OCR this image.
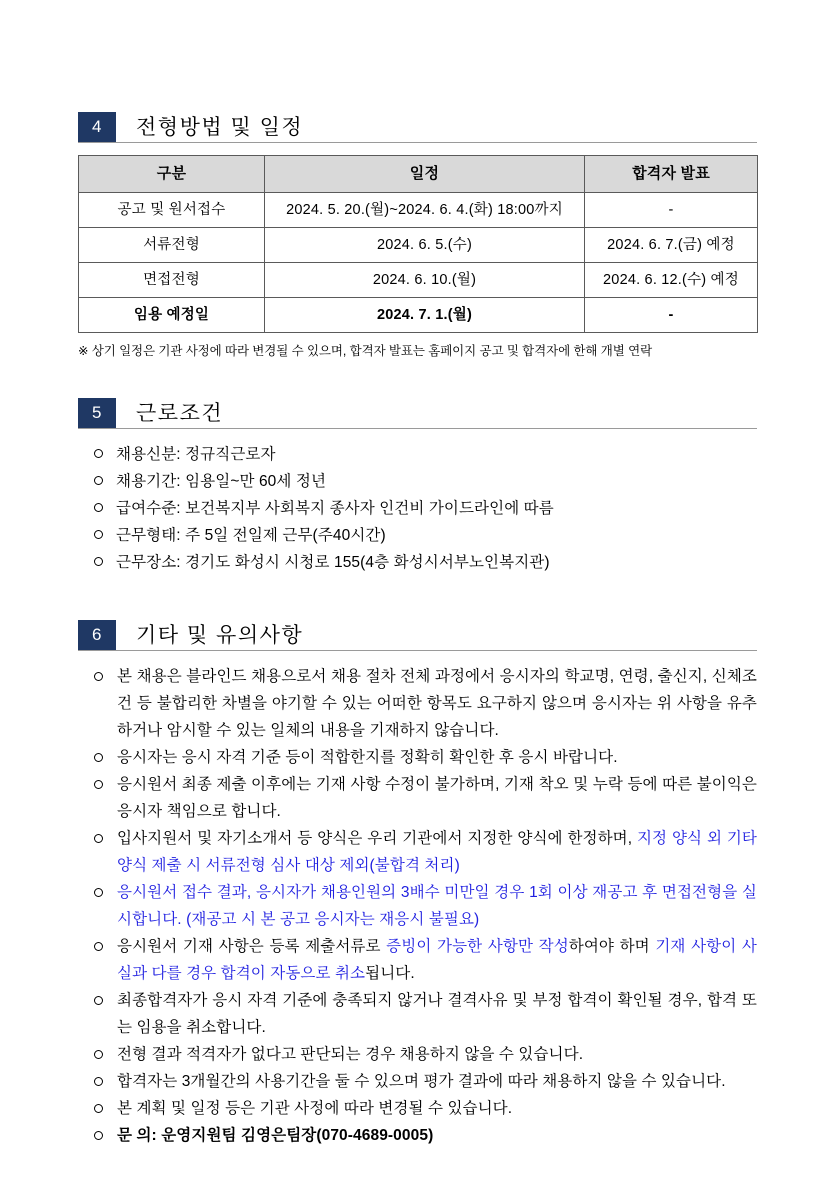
4	전형방법 및 일정
구분	일정	합격자 발표
공고 및 원서접수	2024. 5. 20.(월)~2024. 6. 4.(화) 18:00까지	-
서류전형	2024. 6. 5.(수)	2024. 6. 7.(금) 예정
면접전형	2024. 6. 10.(월)	2024. 6. 12.(수) 예정
임용 예정일	2024. 7. 1.(월)	-
※ 상기 일정은 기관 사정에 따라 변경될 수 있으며, 합격자 발표는 홈페이지 공고 및 합격자에 한해 개별 연락
5	근로조건
채용신분: 정규직근로자
채용기간: 임용일~만 60세 정년
급여수준: 보건복지부 사회복지 종사자 인건비 가이드라인에 따름
근무형태: 주 5일 전일제 근무(주40시간)
근무장소: 경기도 화성시 시청로 155(4층 화성시서부노인복지관)
6	기타 및 유의사항
본 채용은 블라인드 채용으로서 채용 절차 전체 과정에서 응시자의 학교명, 연령, 출신지, 신체조건 등 불합리한 차별을 야기할 수 있는 어떠한 항목도 요구하지 않으며 응시자는 위 사항을 유추하거나 암시할 수 있는 일체의 내용을 기재하지 않습니다.
응시자는 응시 자격 기준 등이 적합한지를 정확히 확인한 후 응시 바랍니다.
응시원서 최종 제출 이후에는 기재 사항 수정이 불가하며, 기재 착오 및 누락 등에 따른 불이익은 응시자 책임으로 합니다.
입사지원서 및 자기소개서 등 양식은 우리 기관에서 지정한 양식에 한정하며, 지정 양식 외 기타 양식 제출 시 서류전형 심사 대상 제외(불합격 처리)
응시원서 접수 결과, 응시자가 채용인원의 3배수 미만일 경우 1회 이상 재공고 후 면접전형을 실시합니다. (재공고 시 본 공고 응시자는 재응시 불필요)
응시원서 기재 사항은 등록 제출서류로 증빙이 가능한 사항만 작성하여야 하며 기재 사항이 사실과 다를 경우 합격이 자동으로 취소됩니다.
최종합격자가 응시 자격 기준에 충족되지 않거나 결격사유 및 부정 합격이 확인될 경우, 합격 또는 임용을 취소합니다.
전형 결과 적격자가 없다고 판단되는 경우 채용하지 않을 수 있습니다.
합격자는 3개월간의 사용기간을 둘 수 있으며 평가 결과에 따라 채용하지 않을 수 있습니다.
본 계획 및 일정 등은 기관 사정에 따라 변경될 수 있습니다.
문 의: 운영지원팀 김영은팀장(070-4689-0005)
